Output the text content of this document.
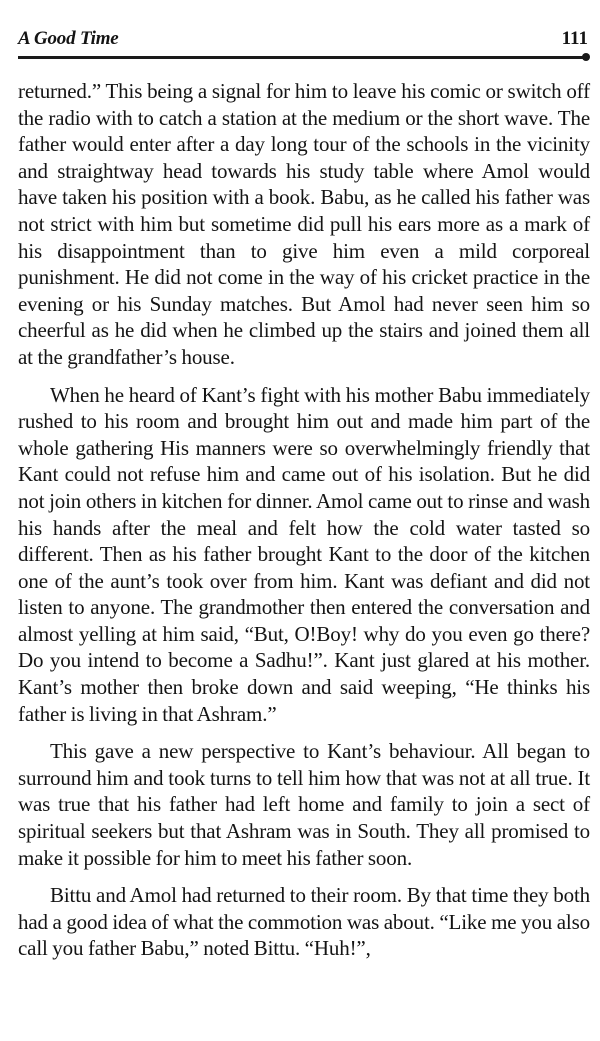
A Good Time	111

returned.” This being a signal for him to leave his comic or switch off the radio with to catch a station at the medium or the short wave. The father would enter after a day long tour of the schools in the vicinity and straightway head towards his study table where Amol would have taken his position with a book. Babu, as he called his father was not strict with him but sometime did pull his ears more as a mark of his disappointment than to give him even a mild corporeal punishment. He did not come in the way of his cricket practice in the evening or his Sunday matches. But Amol had never seen him so cheerful as he did when he climbed up the stairs and joined them all at the grandfather’s house.

When he heard of Kant’s fight with his mother Babu immediately rushed to his room and brought him out and made him part of the whole gathering His manners were so overwhelmingly friendly that Kant could not refuse him and came out of his isolation. But he did not join others in kitchen for dinner. Amol came out to rinse and wash his hands after the meal and felt how the cold water tasted so different. Then as his father brought Kant to the door of the kitchen one of the aunt’s took over from him. Kant was defiant and did not listen to anyone. The grandmother then entered the conversation and almost yelling at him said, “But, O!Boy! why do you even go there? Do you intend to become a Sadhu!”. Kant just glared at his mother. Kant’s mother then broke down and said weeping, “He thinks his father is living in that Ashram.”

This gave a new perspective to Kant’s behaviour. All began to surround him and took turns to tell him how that was not at all true. It was true that his father had left home and family to join a sect of spiritual seekers but that Ashram was in South. They all promised to make it possible for him to meet his father soon.

Bittu and Amol had returned to their room. By that time they both had a good idea of what the commotion was about. “Like me you also call you father Babu,” noted Bittu. “Huh!”,
